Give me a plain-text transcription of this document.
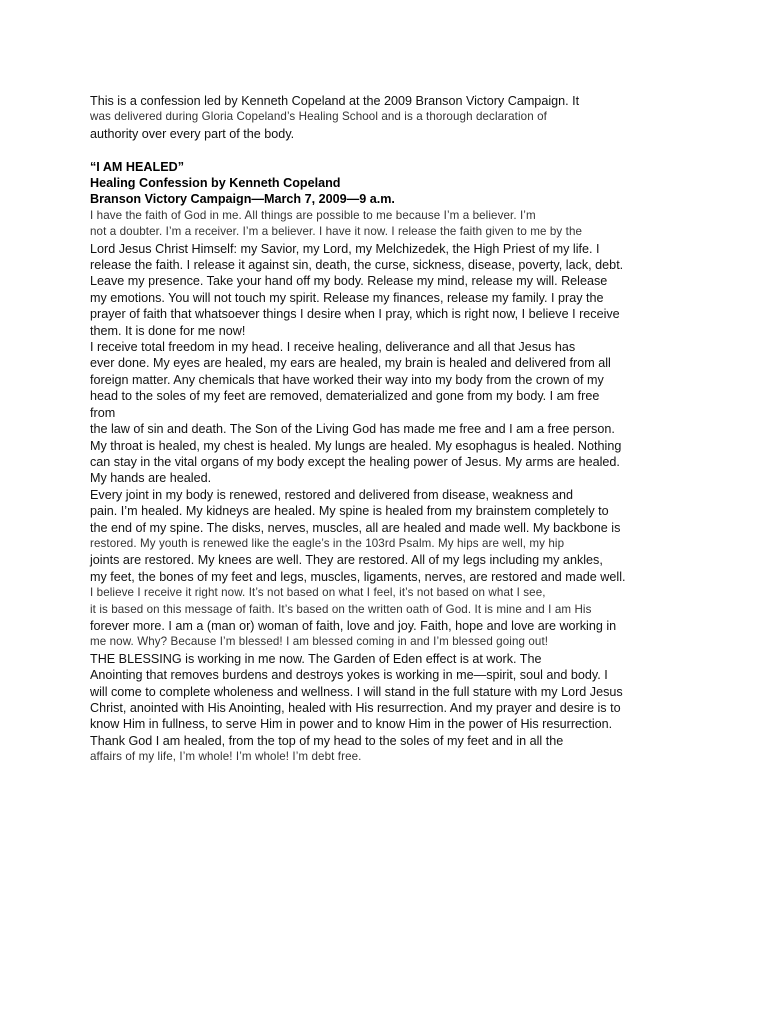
This is a confession led by Kenneth Copeland at the 2009 Branson Victory Campaign. It
was delivered during Gloria Copeland’s Healing School and is a thorough declaration of
authority over every part of the body.
“I AM HEALED”
Healing Confession by Kenneth Copeland
Branson Victory Campaign—March 7, 2009—9 a.m.
I have the faith of God in me. All things are possible to me because I’m a believer. I’m
not a doubter. I’m a receiver. I’m a believer. I have it now. I release the faith given to me by the
Lord Jesus Christ Himself: my Savior, my Lord, my Melchizedek, the High Priest of my life. I
release the faith. I release it against sin, death, the curse, sickness, disease, poverty, lack, debt.
Leave my presence. Take your hand off my body. Release my mind, release my will. Release
my emotions. You will not touch my spirit. Release my finances, release my family. I pray the
prayer of faith that whatsoever things I desire when I pray, which is right now, I believe I receive
them. It is done for me now!
I receive total freedom in my head. I receive healing, deliverance and all that Jesus has
ever done. My eyes are healed, my ears are healed, my brain is healed and delivered from all
foreign matter. Any chemicals that have worked their way into my body from the crown of my
head to the soles of my feet are removed, dematerialized and gone from my body. I am free
from
the law of sin and death. The Son of the Living God has made me free and I am a free person.
My throat is healed, my chest is healed. My lungs are healed. My esophagus is healed. Nothing
can stay in the vital organs of my body except the healing power of Jesus. My arms are healed.
My hands are healed.
Every joint in my body is renewed, restored and delivered from disease, weakness and
pain. I’m healed. My kidneys are healed. My spine is healed from my brainstem completely to
the end of my spine. The disks, nerves, muscles, all are healed and made well. My backbone is
restored. My youth is renewed like the eagle’s in the 103rd Psalm. My hips are well, my hip
joints are restored. My knees are well. They are restored. All of my legs including my ankles,
my feet, the bones of my feet and legs, muscles, ligaments, nerves, are restored and made well.
I believe I receive it right now. It’s not based on what I feel, it’s not based on what I see,
it is based on this message of faith. It’s based on the written oath of God. It is mine and I am His
forever more. I am a (man or) woman of faith, love and joy. Faith, hope and love are working in
me now. Why? Because I’m blessed! I am blessed coming in and I’m blessed going out!
THE BLESSING is working in me now. The Garden of Eden effect is at work. The
Anointing that removes burdens and destroys yokes is working in me—spirit, soul and body. I
will come to complete wholeness and wellness. I will stand in the full stature with my Lord Jesus
Christ, anointed with His Anointing, healed with His resurrection. And my prayer and desire is to
know Him in fullness, to serve Him in power and to know Him in the power of His resurrection.
Thank God I am healed, from the top of my head to the soles of my feet and in all the
affairs of my life, I’m whole! I’m whole! I’m debt free.
